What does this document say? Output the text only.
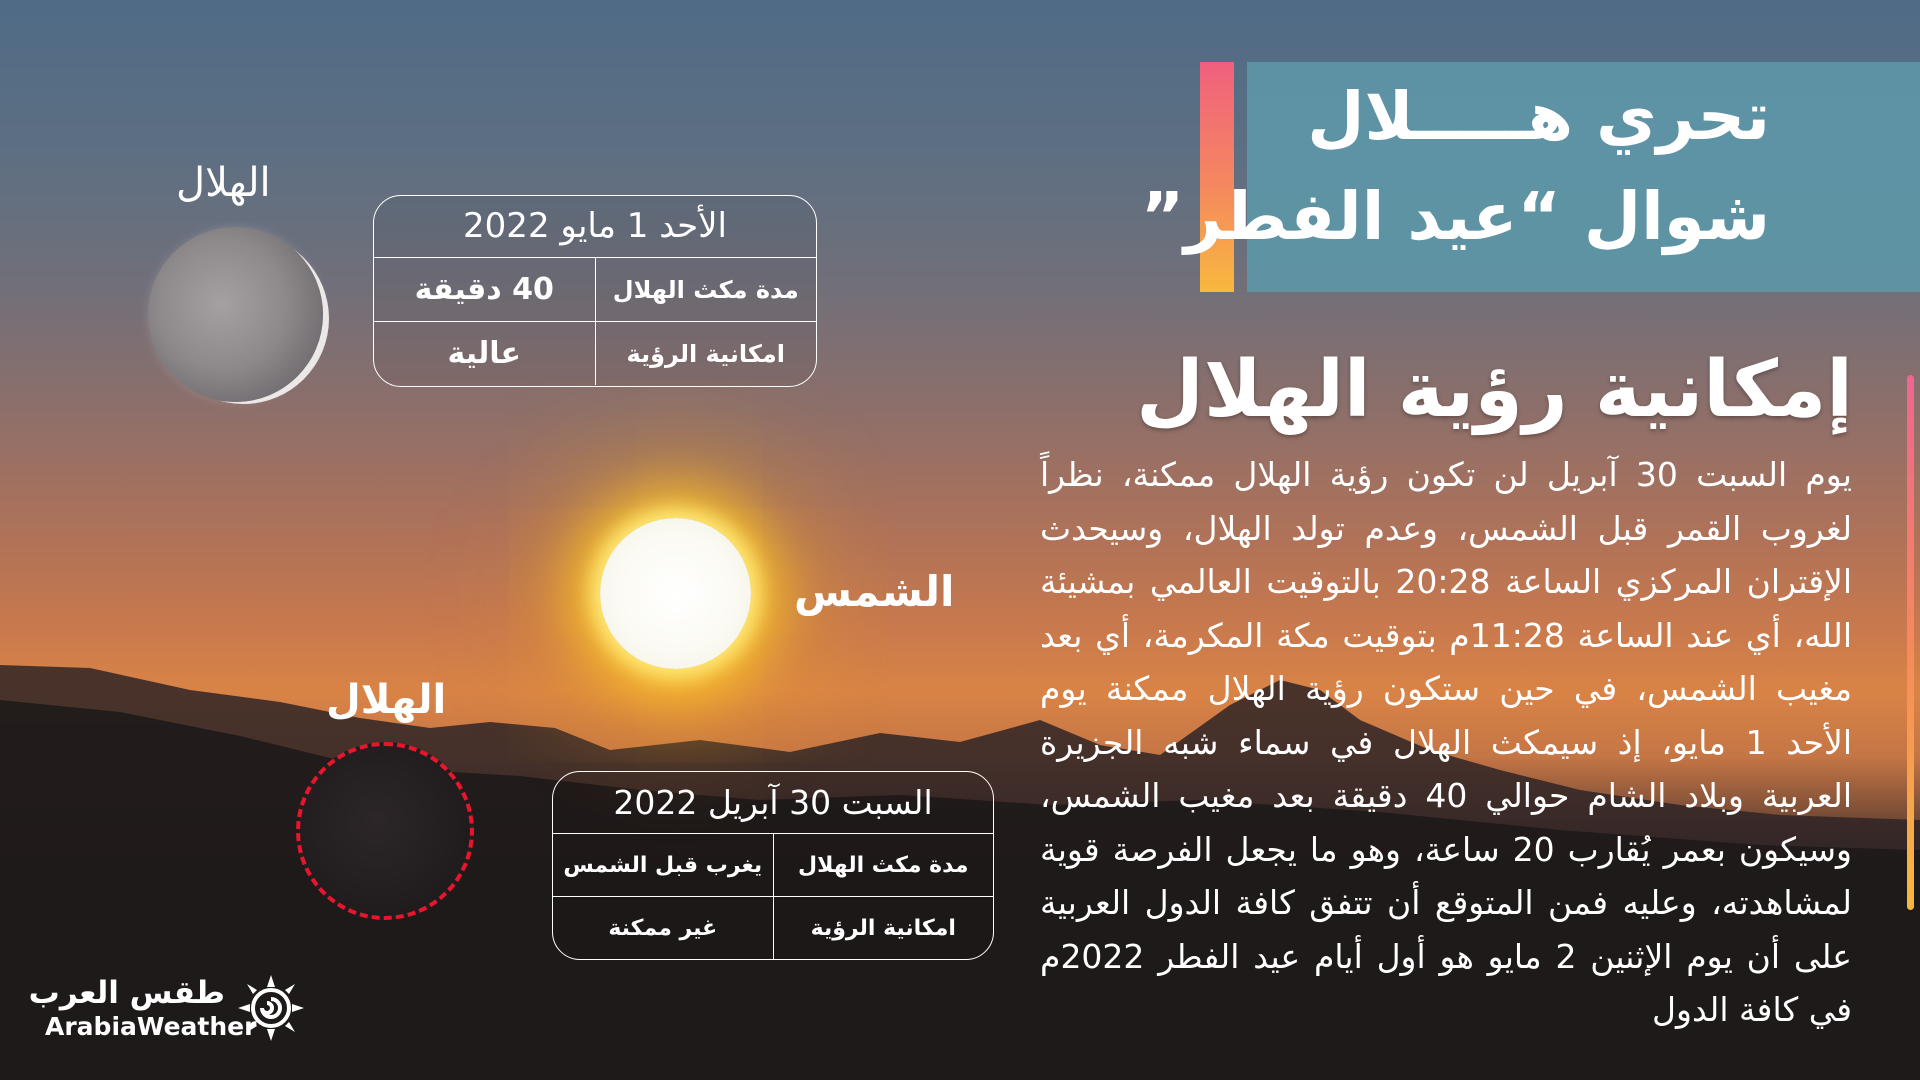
تحري هـــــلال
شوال “عيد الفطر”
إمكانية رؤية الهلال
يوم السبت 30 آبريل لن تكون رؤية الهلال ممكنة، نظراً لغروب القمر قبل الشمس، وعدم تولد الهلال، وسيحدث الإقتران المركزي الساعة 20:28 بالتوقيت العالمي بمشيئة الله، أي عند الساعة 11:28م بتوقيت مكة المكرمة، أي بعد مغيب الشمس، في حين ستكون رؤية الهلال ممكنة يوم الأحد 1 مايو، إذ سيمكث الهلال في سماء شبه الجزيرة العربية وبلاد الشام حوالي 40 دقيقة بعد مغيب الشمس، وسيكون بعمر يُقارب 20 ساعة، وهو ما يجعل الفرصة قوية لمشاهدته، وعليه فمن المتوقع أن تتفق كافة الدول العربية على أن يوم الإثنين 2 مايو هو أول أيام عيد الفطر 2022م في كافة الدول
الهلال
الأحد 1 مايو 2022
مدة مكث الهلال
40 دقيقة
امكانية الرؤية
عالية
الشمس
الهلال
السبت 30 آبريل 2022
مدة مكث الهلال
يغرب قبل الشمس
امكانية الرؤية
غير ممكنة
طقس العرب
ArabiaWeather
